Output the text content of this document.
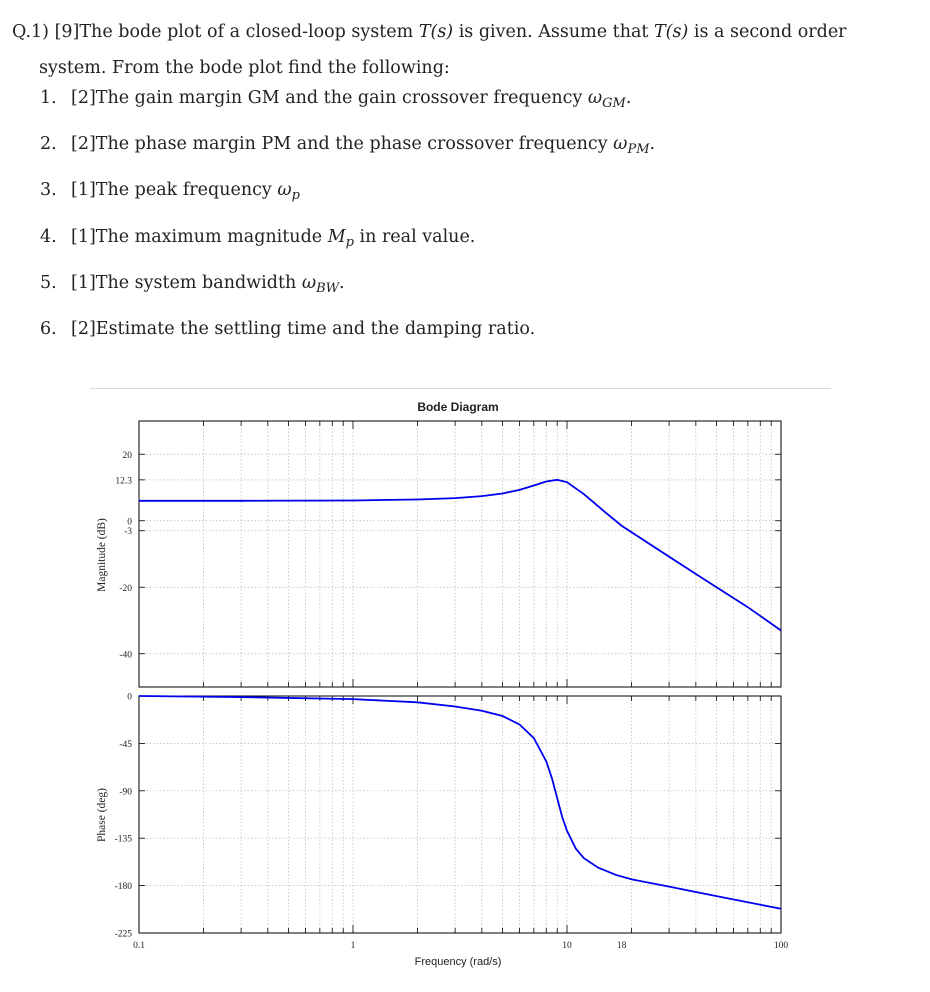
Q.1) [9]The bode plot of a closed-loop system T(s) is given. Assume that T(s) is a second order
system. From the bode plot find the following:
1. [2]The gain margin GM and the gain crossover frequency $\omega_{GM}$.
2. [2]The phase margin PM and the phase crossover frequency $\omega_{PM}$.
3. [1]The peak frequency $\omega_p$
4. [1]The maximum magnitude $M_p$ in real value.
5. [1]The system bandwidth $\omega_{BW}$.
6. [2]Estimate the settling time and the damping ratio.
Bode Diagram
20
12.3
0
-3
-20
-40
Magnitude (dB)
0
-45
-90
-135
-180
-225
Phase (deg)
0.1	1	10	18	100
Frequency (rad/s)
